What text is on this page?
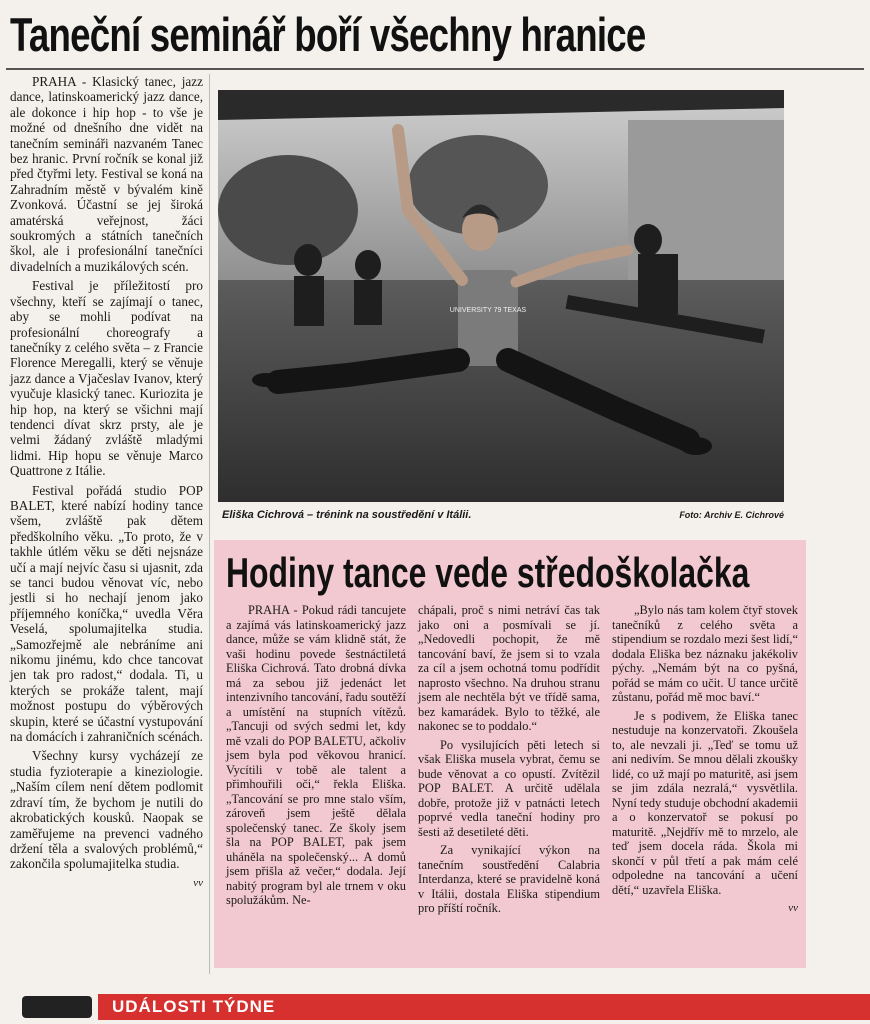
Taneční seminář boří všechny hranice

PRAHA - Klasický tanec, jazz dance, latinskoamerický jazz dance, ale dokonce i hip hop - to vše je možné od dnešního dne vidět na tanečním semináři nazvaném Tanec bez hranic. První ročník se konal již před čtyřmi lety. Festival se koná na Zahradním městě v bývalém kině Zvonková. Účastní se jej široká amatérská veřejnost, žáci soukromých a státních tanečních škol, ale i profesionální tanečníci divadelních a muzikálových scén.

Festival je příležitostí pro všechny, kteří se zajímají o tanec, aby se mohli podívat na profesionální choreografy a tanečníky z celého světa – z Francie Florence Meregalli, který se věnuje jazz dance a Vjačeslav Ivanov, který vyučuje klasický tanec. Kuriozita je hip hop, na který se všichni mají tendenci dívat skrz prsty, ale je velmi žádaný zvláště mladými lidmi. Hip hopu se věnuje Marco Quattrone z Itálie.

Festival pořádá studio POP BALET, které nabízí hodiny tance všem, zvláště pak dětem předškolního věku. „To proto, že v takhle útlém věku se děti nejsnáze učí a mají nejvíc času si ujasnit, zda se tanci budou věnovat víc, nebo jestli si ho nechají jenom jako příjemného koníčka,“ uvedla Věra Veselá, spolumajitelka studia. „Samozřejmě ale nebráníme ani nikomu jinému, kdo chce tancovat jen tak pro radost,“ dodala. Ti, u kterých se prokáže talent, mají možnost postupu do výběrových skupin, které se účastní vystupování na domácích i zahraničních scénách.

Všechny kursy vycházejí ze studia fyzioterapie a kineziologie. „Naším cílem není dětem podlomit zdraví tím, že bychom je nutili do akrobatických kousků. Naopak se zaměřujeme na prevenci vadného držení těla a svalových problémů,“ zakončila spolumajitelka studia.

vv

UNIVERSITY 79 TEXAS
Eliška Cichrová – trénink na soustředění v Itálii.	Foto: Archiv E. Cichrové
Hodiny tance vede středoškolačka

PRAHA - Pokud rádi tancujete a zajímá vás latinskoamerický jazz dance, může se vám klidně stát, že vaši hodinu povede šestnáctiletá Eliška Cichrová. Tato drobná dívka má za sebou již jedenáct let intenzivního tancování, řadu soutěží a umístění na stupních vítězů. „Tancuji od svých sedmi let, kdy mě vzali do POP BALETU, ačkoliv jsem byla pod věkovou hranicí. Vycítili v tobě ale talent a přimhouřili oči,“ řekla Eliška. „Tancování se pro mne stalo vším, zároveň jsem ještě dělala společenský tanec. Ze školy jsem šla na POP BALET, pak jsem uháněla na společenský... A domů jsem přišla až večer,“ dodala. Její nabitý program byl ale trnem v oku spolužákům. Ne-

chápali, proč s nimi netráví čas tak jako oni a posmívali se jí. „Nedovedli pochopit, že mě tancování baví, že jsem si to vzala za cíl a jsem ochotná tomu podřídit naprosto všechno. Na druhou stranu jsem ale nechtěla být ve třídě sama, bez kamarádek. Bylo to těžké, ale nakonec se to poddalo.“

Po vysilujících pěti letech si však Eliška musela vybrat, čemu se bude věnovat a co opustí. Zvítězil POP BALET. A určitě udělala dobře, protože již v patnácti letech poprvé vedla taneční hodiny pro šesti až desetileté děti.

Za vynikající výkon na tanečním soustředění Calabria Interdanza, které se pravidelně koná v Itálii, dostala Eliška stipendium pro příští ročník.

„Bylo nás tam kolem čtyř stovek tanečníků z celého světa a stipendium se rozdalo mezi šest lidí,“ dodala Eliška bez náznaku jakékoliv pýchy. „Nemám být na co pyšná, pořád se mám co učit. U tance určitě zůstanu, pořád mě moc baví.“

Je s podivem, že Eliška tanec nestuduje na konzervatoři. Zkoušela to, ale nevzali ji. „Teď se tomu už ani nedivím. Se mnou dělali zkoušky lidé, co už mají po maturitě, asi jsem se jim zdála nezralá,“ vysvětlila. Nyní tedy studuje obchodní akademii a o konzervatoř se pokusí po maturitě. „Nejdřív mě to mrzelo, ale teď jsem docela ráda. Škola mi skončí v půl třetí a pak mám celé odpoledne na tancování a učení dětí,“ uzavřela Eliška.

vv

UDÁLOSTI TÝDNE
